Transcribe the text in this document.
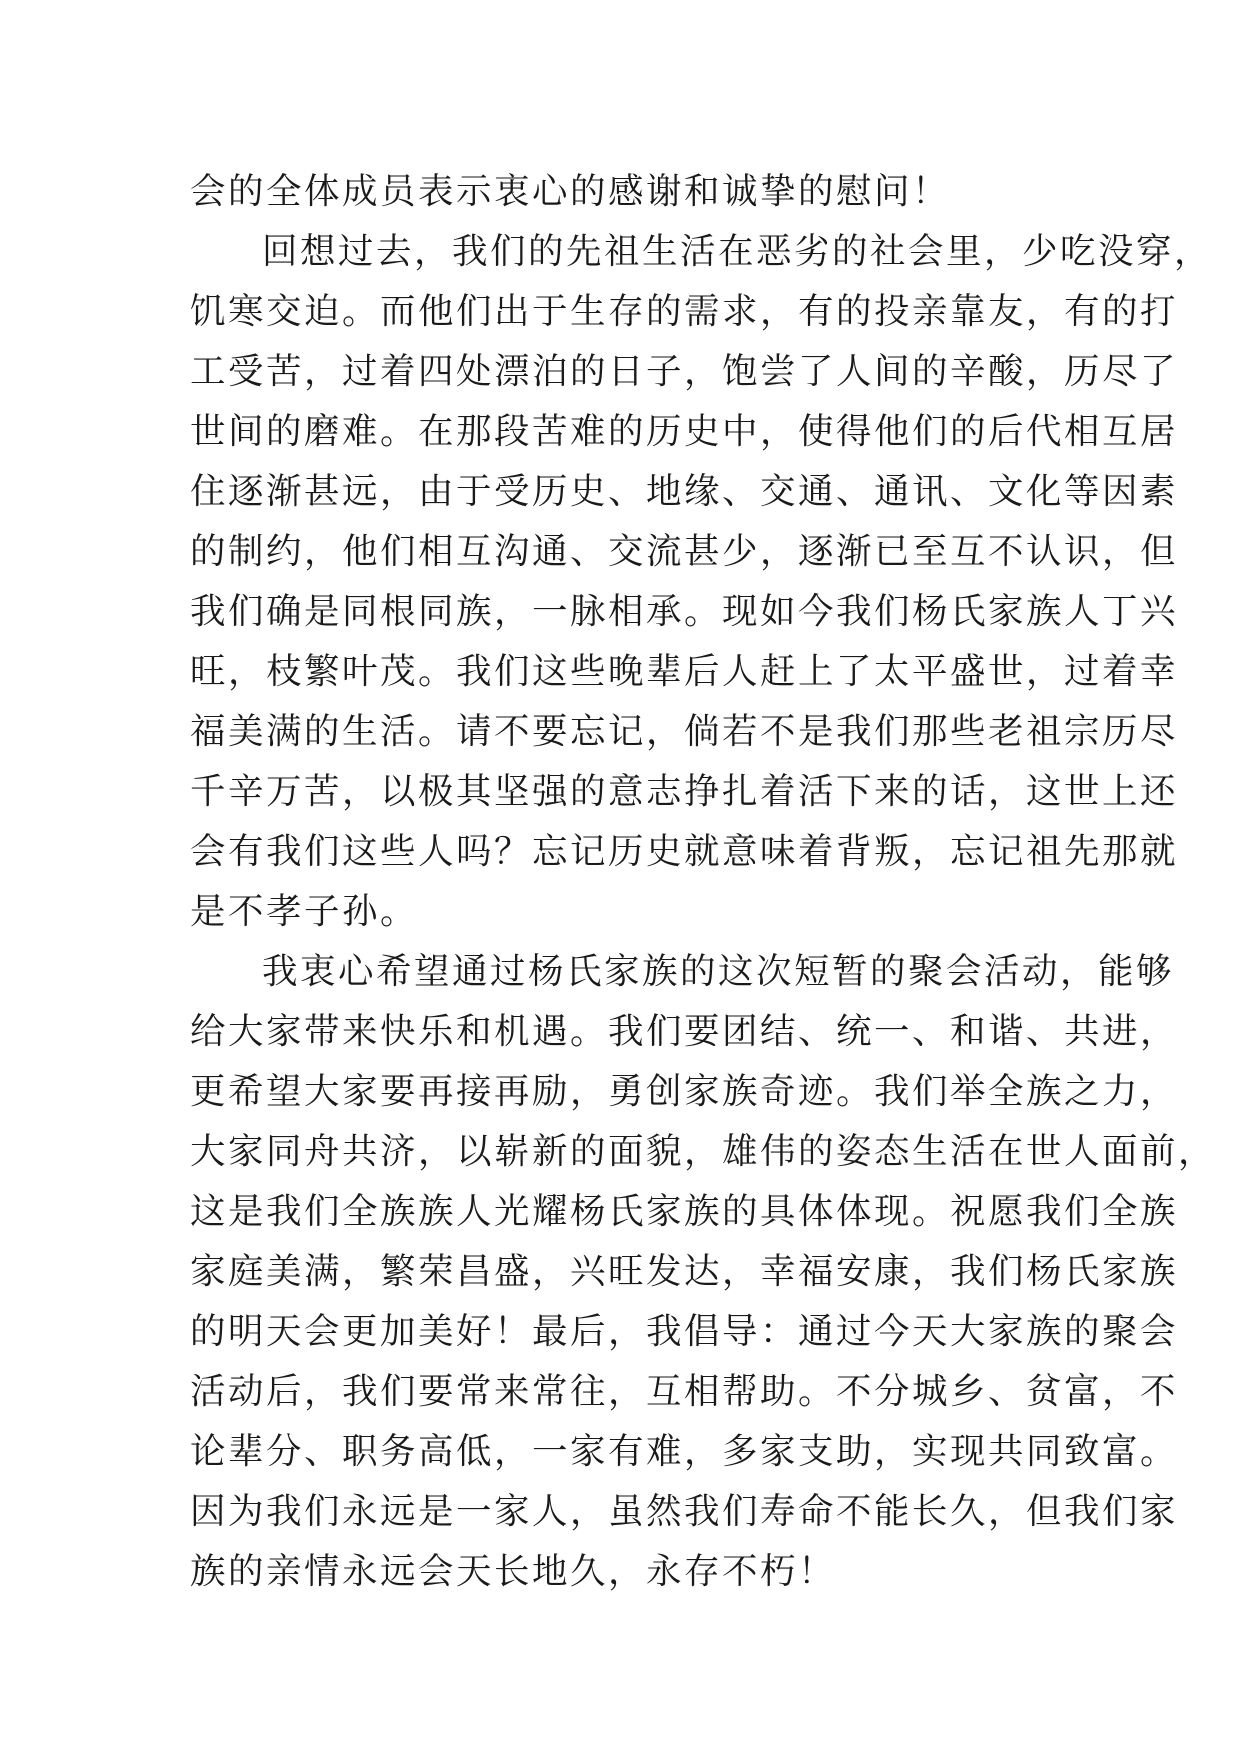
会的全体成员表示衷心的感谢和诚挚的慰问！
回想过去，我们的先祖生活在恶劣的社会里，少吃没穿，
饥寒交迫。而他们出于生存的需求，有的投亲靠友，有的打
工受苦，过着四处漂泊的日子，饱尝了人间的辛酸，历尽了
世间的磨难。在那段苦难的历史中，使得他们的后代相互居
住逐渐甚远，由于受历史、地缘、交通、通讯、文化等因素
的制约，他们相互沟通、交流甚少，逐渐已至互不认识，但
我们确是同根同族，一脉相承。现如今我们杨氏家族人丁兴
旺，枝繁叶茂。我们这些晚辈后人赶上了太平盛世，过着幸
福美满的生活。请不要忘记，倘若不是我们那些老祖宗历尽
千辛万苦，以极其坚强的意志挣扎着活下来的话，这世上还
会有我们这些人吗？忘记历史就意味着背叛，忘记祖先那就
是不孝子孙。
我衷心希望通过杨氏家族的这次短暂的聚会活动，能够
给大家带来快乐和机遇。我们要团结、统一、和谐、共进，
更希望大家要再接再励，勇创家族奇迹。我们举全族之力，
大家同舟共济，以崭新的面貌，雄伟的姿态生活在世人面前，
这是我们全族族人光耀杨氏家族的具体体现。祝愿我们全族
家庭美满，繁荣昌盛，兴旺发达，幸福安康，我们杨氏家族
的明天会更加美好！最后，我倡导：通过今天大家族的聚会
活动后，我们要常来常往，互相帮助。不分城乡、贫富，不
论辈分、职务高低，一家有难，多家支助，实现共同致富。
因为我们永远是一家人，虽然我们寿命不能长久，但我们家
族的亲情永远会天长地久，永存不朽！
